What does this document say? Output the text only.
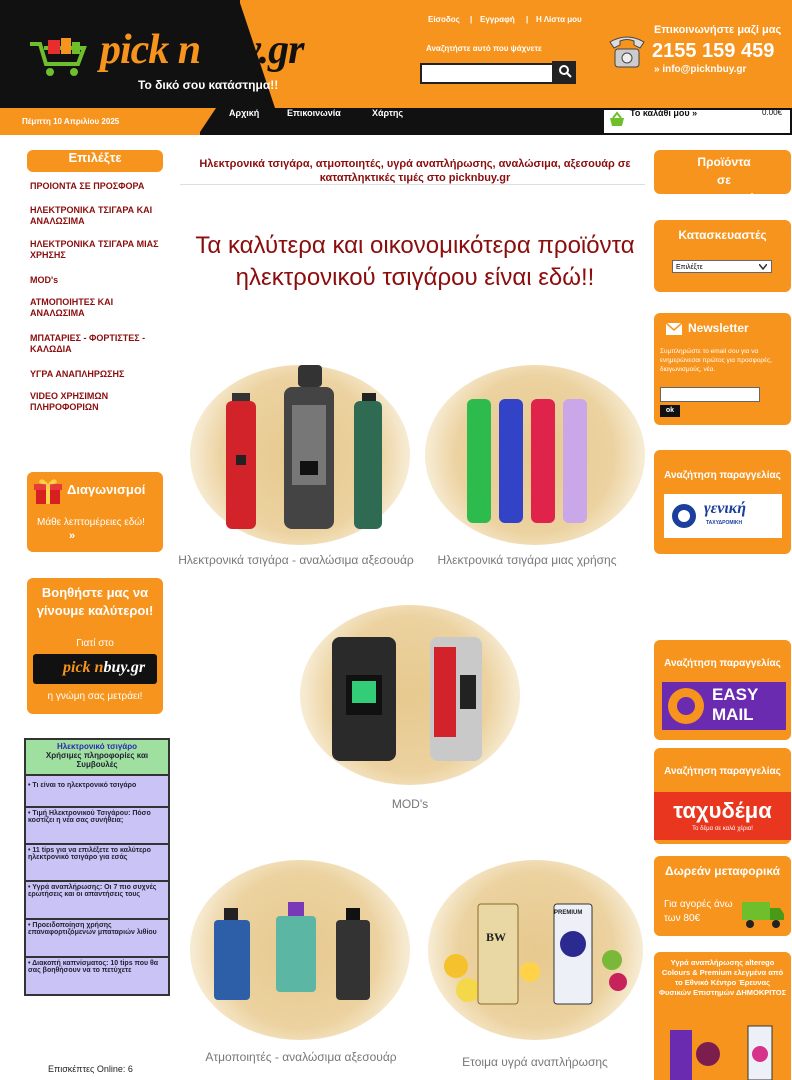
pick nbuy.gr
Το δικό σου κατάστημα!!
Είσοδος | Εγγραφή | Η Λίστα μου
Αναζητήστε αυτό που ψάχνετε
Επικοινωνήστε μαζί μας
2155 159 459
» info@picknbuy.gr
Πέμπτη 10 Απριλίου 2025
Αρχική	Επικοινωνία	Χάρτης	Το καλάθι μου »	0.00€
Επιλέξτε
ΠΡΟΙΟΝΤΑ ΣΕ ΠΡΟΣΦΟΡΑ
ΗΛΕΚΤΡΟΝΙΚΑ ΤΣΙΓΑΡΑ ΚΑΙ ΑΝΑΛΩΣΙΜΑ
ΗΛΕΚΤΡΟΝΙΚΑ ΤΣΙΓΑΡΑ ΜΙΑΣ ΧΡΗΣΗΣ
MOD's
ΑΤΜΟΠΟΙΗΤΕΣ ΚΑΙ ΑΝΑΛΩΣΙΜΑ
ΜΠΑΤΑΡΙΕΣ - ΦΟΡΤΙΣΤΕΣ - ΚΑΛΩΔΙΑ
ΥΓΡΑ ΑΝΑΠΛΗΡΩΣΗΣ
VIDEO ΧΡΗΣΙΜΩΝ ΠΛΗΡΟΦΟΡΙΩΝ
Διαγωνισμοί
Μάθε λεπτομέρειες εδώ!
»
Βοηθήστε μας να γίνουμε καλύτεροι!
Γιατί στο
pick nbuy.gr
η γνώμη σας μετράει!
Ηλεκτρονικό τσιγάρο
Χρήσιμες πληροφορίες και Συμβουλές
• Τι είναι το ηλεκτρονικό τσιγάρο
• Τιμή Ηλεκτρονικού Τσιγάρου: Πόσο κοστίζει η νέα σας συνήθεια;
• 11 tips για να επιλέξετε το καλύτερο ηλεκτρονικό τσιγάρο για εσάς
• Υγρά αναπλήρωσης: Οι 7 πιο συχνές ερωτήσεις και οι απαντήσεις τους
• Προειδοποίηση χρήσης επαναφορτιζόμενων μπαταριών λιθίου
• Διακοπή καπνίσματος: 10 tips που θα σας βοηθήσουν να το πετύχετε
Επισκέπτες Online: 6
Ηλεκτρονικά τσιγάρα, ατμοποιητές, υγρά αναπλήρωσης, αναλώσιμα, αξεσουάρ σε καταπληκτικές τιμές στο picknbuy.gr
Τα καλύτερα και οικονομικότερα προϊόντα ηλεκτρονικού τσιγάρου είναι εδώ!!
Ηλεκτρονικά τσιγάρα - αναλώσιμα αξεσουάρ	Ηλεκτρονικά τσιγάρα μιας χρήσης
MOD's
Ατμοποιητές - αναλώσιμα αξεσουάρ
BW
PREMIUM
Ετοιμα υγρά αναπλήρωσης
Προϊόντα σε προσφορά
Κατασκευαστές
Επιλέξτε
Newsletter
Συμπληρώστε το email σου για να ενημερώνεσαι πρώτος για προσφορές, διαγωνισμούς, νέα.
ok
Αναζήτηση παραγγελίας
γενική
ΤΑΧΥΔΡΟΜΙΚΗ
Αναζήτηση παραγγελίας
EASY MAIL
Αναζήτηση παραγγελίας
ταχυδέμα
Το δέμα σε καλά χέρια!
Δωρεάν μεταφορικά
Για αγορές άνω των 80€
Υγρά αναπλήρωσης alterego Colours & Premium ελεγμένα από το Εθνικό Κέντρο Έρευνας Φυσικών Επιστημών ΔΗΜΟΚΡΙΤΟΣ
